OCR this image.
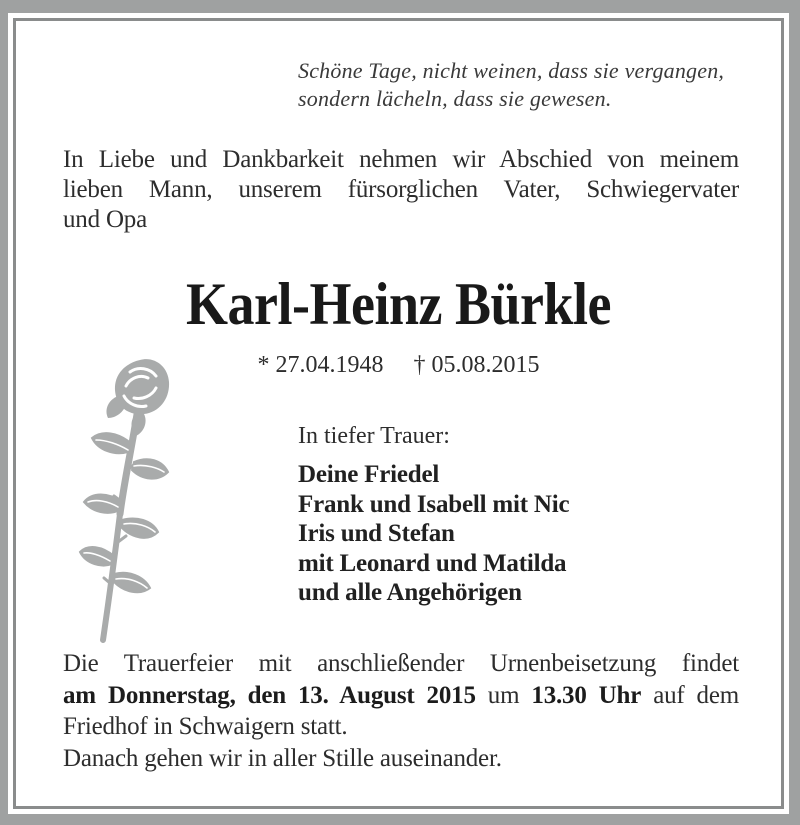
Schöne Tage, nicht weinen, dass sie vergangen,
sondern lächeln, dass sie gewesen.
In Liebe und Dankbarkeit nehmen wir Abschied von meinem
lieben Mann, unserem fürsorglichen Vater, Schwiegervater
und Opa
Karl-Heinz Bürkle
* 27.04.1948 † 05.08.2015
In tiefer Trauer:
Deine Friedel
Frank und Isabell mit Nic
Iris und Stefan
mit Leonard und Matilda
und alle Angehörigen
Die Trauerfeier mit anschließender Urnenbeisetzung findet
am Donnerstag, den 13. August 2015 um 13.30 Uhr auf dem
Friedhof in Schwaigern statt.
Danach gehen wir in aller Stille auseinander.
